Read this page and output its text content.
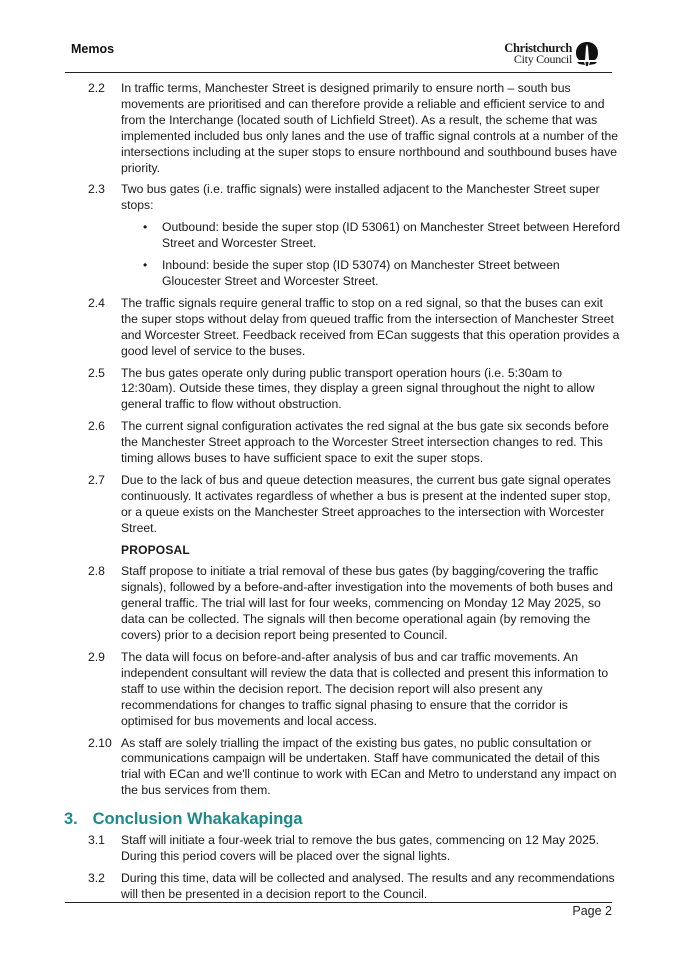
Memos	Christchurch
City Council
2.2	In traffic terms, Manchester Street is designed primarily to ensure north – south bus movements are prioritised and can therefore provide a reliable and efficient service to and from the Interchange (located south of Lichfield Street). As a result, the scheme that was implemented included bus only lanes and the use of traffic signal controls at a number of the intersections including at the super stops to ensure northbound and southbound buses have priority.
2.3	Two bus gates (i.e. traffic signals) were installed adjacent to the Manchester Street super stops:
• Outbound: beside the super stop (ID 53061) on Manchester Street between Hereford Street and Worcester Street.
• Inbound: beside the super stop (ID 53074) on Manchester Street between Gloucester Street and Worcester Street.
2.4	The traffic signals require general traffic to stop on a red signal, so that the buses can exit the super stops without delay from queued traffic from the intersection of Manchester Street and Worcester Street. Feedback received from ECan suggests that this operation provides a good level of service to the buses.
2.5	The bus gates operate only during public transport operation hours (i.e. 5:30am to 12:30am). Outside these times, they display a green signal throughout the night to allow general traffic to flow without obstruction.
2.6	The current signal configuration activates the red signal at the bus gate six seconds before the Manchester Street approach to the Worcester Street intersection changes to red. This timing allows buses to have sufficient space to exit the super stops.
2.7	Due to the lack of bus and queue detection measures, the current bus gate signal operates continuously. It activates regardless of whether a bus is present at the indented super stop, or a queue exists on the Manchester Street approaches to the intersection with Worcester Street.
PROPOSAL
2.8	Staff propose to initiate a trial removal of these bus gates (by bagging/covering the traffic signals), followed by a before-and-after investigation into the movements of both buses and general traffic. The trial will last for four weeks, commencing on Monday 12 May 2025, so data can be collected. The signals will then become operational again (by removing the covers) prior to a decision report being presented to Council.
2.9	The data will focus on before-and-after analysis of bus and car traffic movements. An independent consultant will review the data that is collected and present this information to staff to use within the decision report. The decision report will also present any recommendations for changes to traffic signal phasing to ensure that the corridor is optimised for bus movements and local access.
2.10 As staff are solely trialling the impact of the existing bus gates, no public consultation or communications campaign will be undertaken. Staff have communicated the detail of this trial with ECan and we'll continue to work with ECan and Metro to understand any impact on the bus services from them.
3. Conclusion Whakakapinga
3.1	Staff will initiate a four-week trial to remove the bus gates, commencing on 12 May 2025. During this period covers will be placed over the signal lights.
3.2	During this time, data will be collected and analysed. The results and any recommendations will then be presented in a decision report to the Council.
Page 2
